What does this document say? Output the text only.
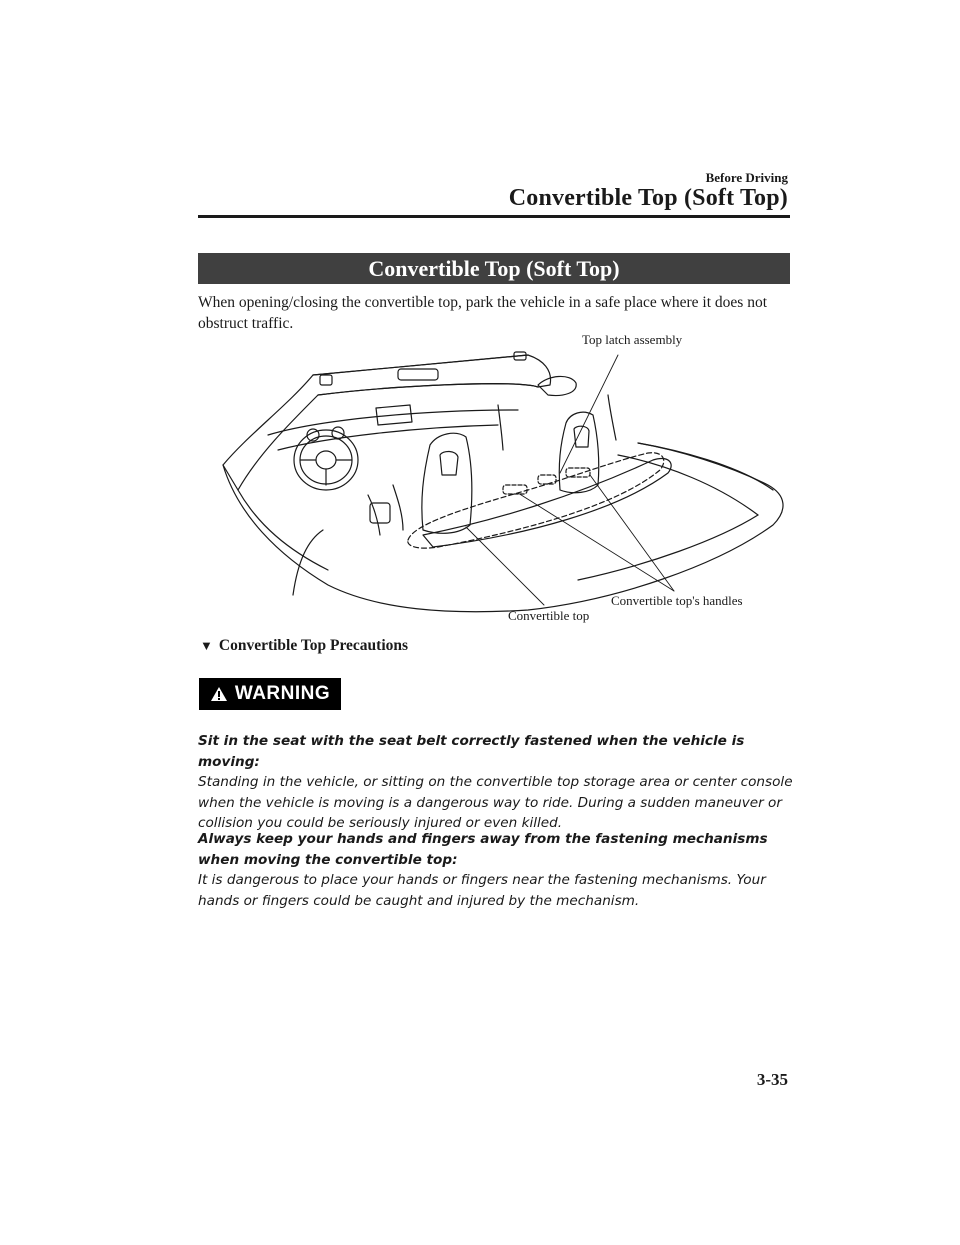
Before Driving
Convertible Top (Soft Top)
Convertible Top (Soft Top)
When opening/closing the convertible top, park the vehicle in a safe place where it does not obstruct traffic.
Top latch assembly
Convertible top's handles
Convertible top
▼ Convertible Top Precautions
WARNING
Sit in the seat with the seat belt correctly fastened when the vehicle is moving:
Standing in the vehicle, or sitting on the convertible top storage area or center console when the vehicle is moving is a dangerous way to ride. During a sudden maneuver or collision you could be seriously injured or even killed.
Always keep your hands and fingers away from the fastening mechanisms when moving the convertible top:
It is dangerous to place your hands or fingers near the fastening mechanisms. Your hands or fingers could be caught and injured by the mechanism.
3-35
